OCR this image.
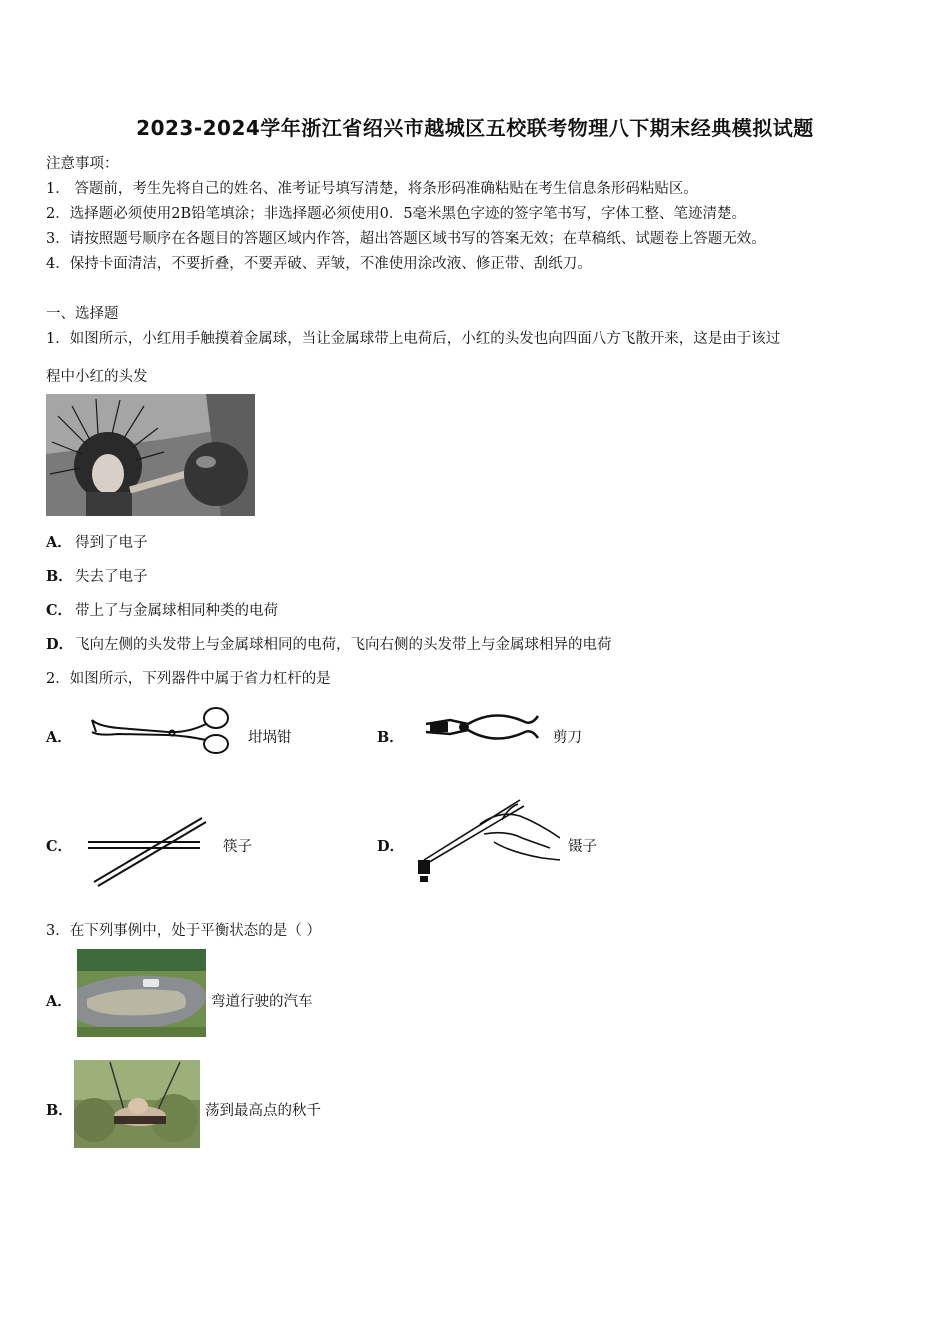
2023-2024学年浙江省绍兴市越城区五校联考物理八下期末经典模拟试题
注意事项：
1． 答题前，考生先将自己的姓名、准考证号填写清楚，将条形码准确粘贴在考生信息条形码粘贴区。
2．选择题必须使用2B铅笔填涂；非选择题必须使用0．5毫米黑色字迹的签字笔书写，字体工整、笔迹清楚。
3．请按照题号顺序在各题目的答题区域内作答，超出答题区域书写的答案无效；在草稿纸、试题卷上答题无效。
4．保持卡面清洁，不要折叠，不要弄破、弄皱，不准使用涂改液、修正带、刮纸刀。
一、选择题
1．如图所示，小红用手触摸着金属球，当让金属球带上电荷后，小红的头发也向四面八方飞散开来，这是由于该过
程中小红的头发
A． 得到了电子
B． 失去了电子
C． 带上了与金属球相同种类的电荷
D． 飞向左侧的头发带上与金属球相同的电荷，飞向右侧的头发带上与金属球相异的电荷
2．如图所示，下列器件中属于省力杠杆的是
A．	坩埚钳	B．	剪刀
C．	筷子	D．	镊子
3．在下列事例中，处于平衡状态的是（ ）
A．	弯道行驶的汽车
B．	荡到最高点的秋千
